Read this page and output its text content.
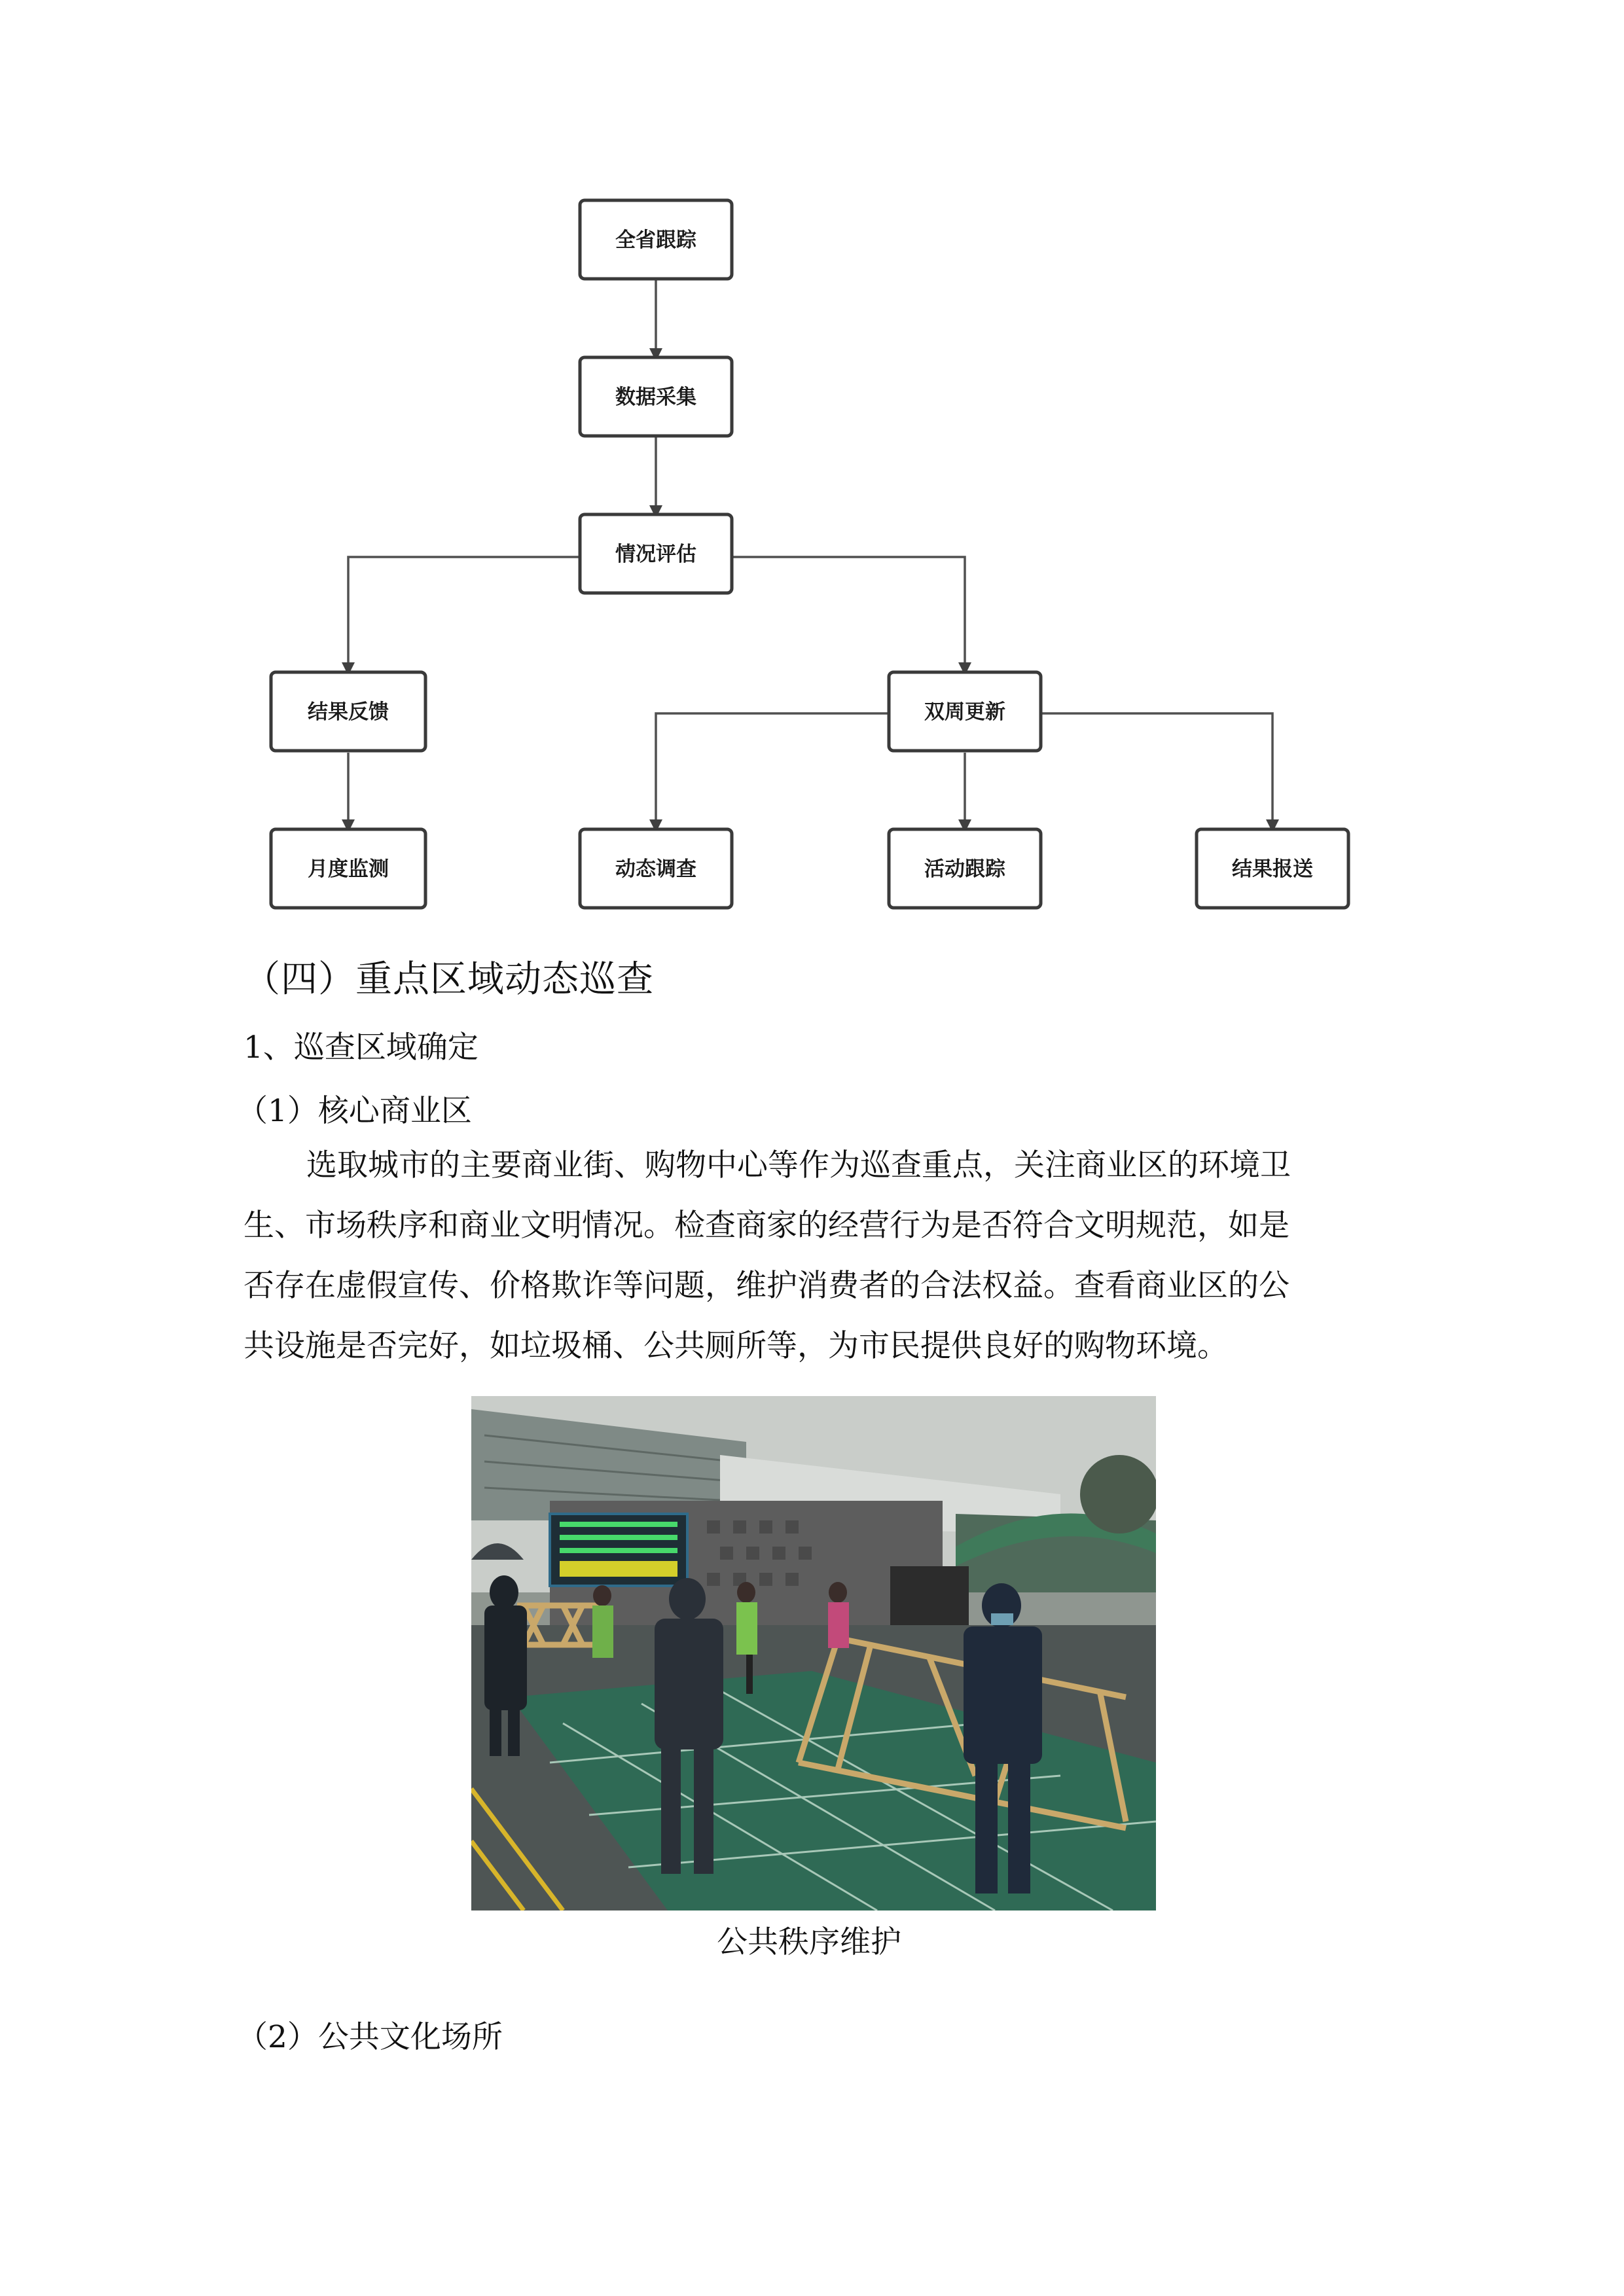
全省跟踪
数据采集
情况评估
结果反馈	双周更新
月度监测	动态调查	活动跟踪	结果报送
（四）重点区域动态巡查
1、巡查区域确定
（1）核心商业区
选取城市的主要商业街、购物中心等作为巡查重点，关注商业区的环境卫
生、市场秩序和商业文明情况。检查商家的经营行为是否符合文明规范，如是
否存在虚假宣传、价格欺诈等问题，维护消费者的合法权益。查看商业区的公
共设施是否完好，如垃圾桶、公共厕所等，为市民提供良好的购物环境。
公共秩序维护
（2）公共文化场所
